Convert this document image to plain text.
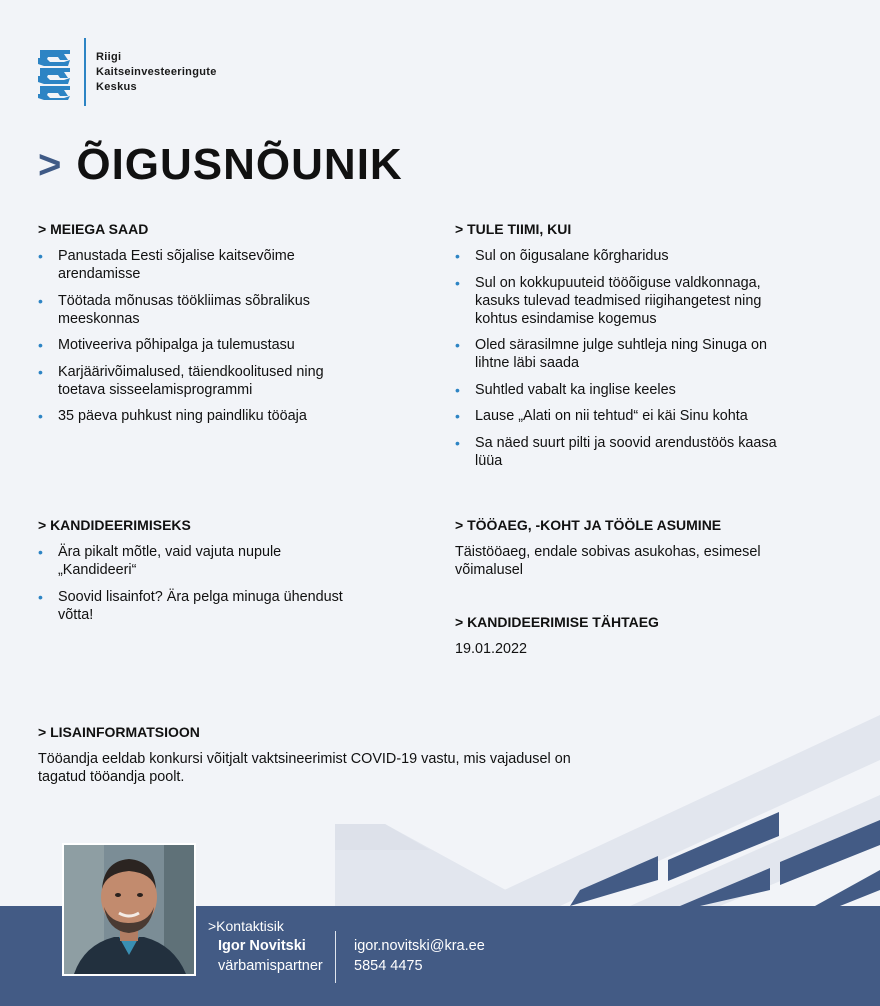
Riigi
Kaitseinvesteeringute
Keskus
> ÕIGUSNÕUNIK
> MEIEGA SAAD
• Panustada Eesti sõjalise kaitsevõime arendamisse
• Töötada mõnusas töökliimas sõbralikus meeskonnas
• Motiveeriva põhipalga ja tulemustasu
• Karjäärivõimalused, täiendkoolitused ning toetava sisseelamisprogrammi
• 35 päeva puhkust ning paindliku tööaja
> TULE TIIMI, KUI
• Sul on õigusalane kõrgharidus
• Sul on kokkupuuteid tööõiguse valdkonnaga, kasuks tulevad teadmised riigihangetest ning kohtus esindamise kogemus
• Oled särasilmne julge suhtleja ning Sinuga on lihtne läbi saada
• Suhtled vabalt ka inglise keeles
• Lause „Alati on nii tehtud“ ei käi Sinu kohta
• Sa näed suurt pilti ja soovid arendustöös kaasa lüüa
> KANDIDEERIMISEKS
• Ära pikalt mõtle, vaid vajuta nupule „Kandideeri“
• Soovid lisainfot? Ära pelga minuga ühendust võtta!
> TÖÖAEG, -KOHT JA TÖÖLE ASUMINE
Täistööaeg, endale sobivas asukohas, esimesel võimalusel
> KANDIDEERIMISE TÄHTAEG
19.01.2022
> LISAINFORMATSIOON
Tööandja eeldab konkursi võitjalt vaktsineerimist COVID-19 vastu, mis vajadusel on tagatud tööandja poolt.
>Kontaktisik
Igor Novitski
värbamispartner
igor.novitski@kra.ee
5854 4475
